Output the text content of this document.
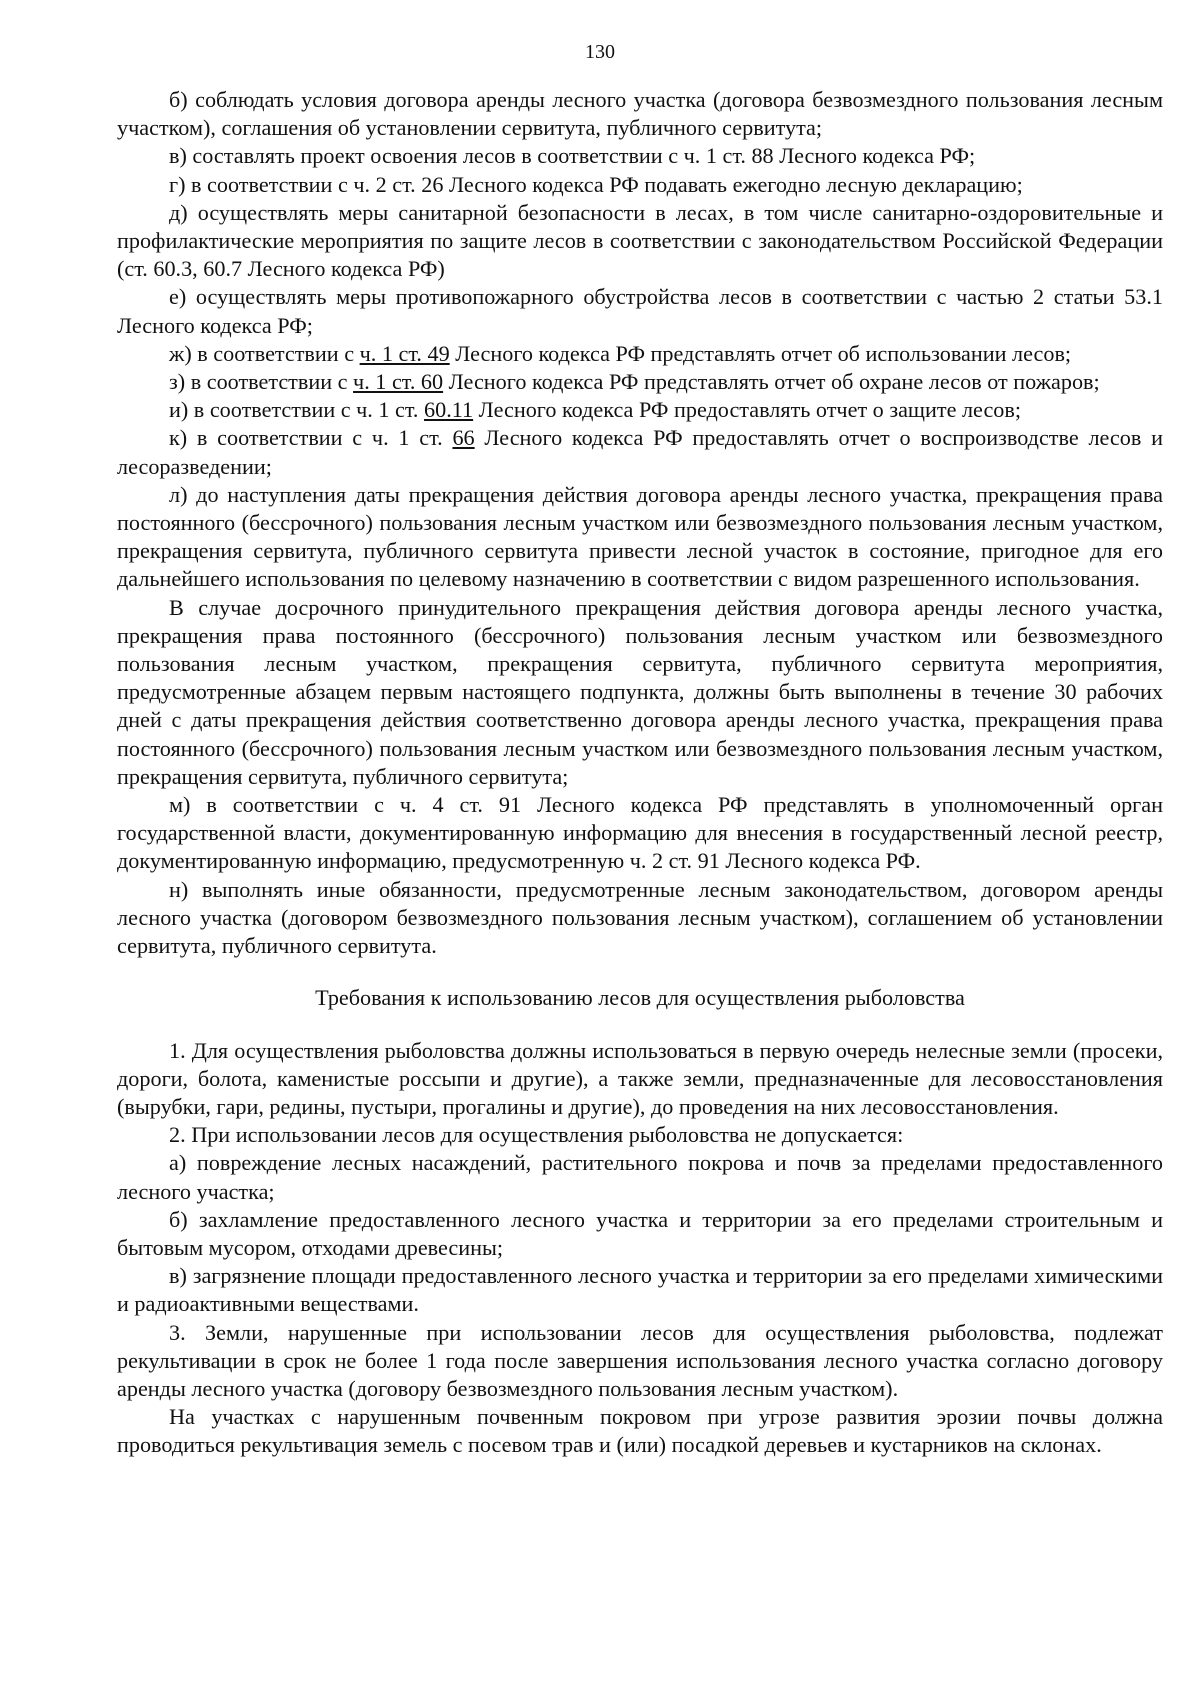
130

б) соблюдать условия договора аренды лесного участка (договора безвозмездного пользования лесным участком), соглашения об установлении сервитута, публичного сервитута;

в) составлять проект освоения лесов в соответствии с ч. 1 ст. 88 Лесного кодекса РФ;

г) в соответствии с ч. 2 ст. 26 Лесного кодекса РФ подавать ежегодно лесную декларацию;

д) осуществлять меры санитарной безопасности в лесах, в том числе санитарно-оздоровительные и профилактические мероприятия по защите лесов в соответствии с законодательством Российской Федерации (ст. 60.3, 60.7 Лесного кодекса РФ)

е) осуществлять меры противопожарного обустройства лесов в соответствии с частью 2 статьи 53.1 Лесного кодекса РФ;

ж) в соответствии с ч. 1 ст. 49 Лесного кодекса РФ представлять отчет об использовании лесов;

з) в соответствии с ч. 1 ст. 60 Лесного кодекса РФ представлять отчет об охране лесов от пожаров;

и) в соответствии с ч. 1 ст. 60.11 Лесного кодекса РФ предоставлять отчет о защите лесов;

к) в соответствии с ч. 1 ст. 66 Лесного кодекса РФ предоставлять отчет о воспроизводстве лесов и лесоразведении;

л) до наступления даты прекращения действия договора аренды лесного участка, прекращения права постоянного (бессрочного) пользования лесным участком или безвозмездного пользования лесным участком, прекращения сервитута, публичного сервитута привести лесной участок в состояние, пригодное для его дальнейшего использования по целевому назначению в соответствии с видом разрешенного использования.

В случае досрочного принудительного прекращения действия договора аренды лесного участка, прекращения права постоянного (бессрочного) пользования лесным участком или безвозмездного пользования лесным участком, прекращения сервитута, публичного сервитута мероприятия, предусмотренные абзацем первым настоящего подпункта, должны быть выполнены в течение 30 рабочих дней с даты прекращения действия соответственно договора аренды лесного участка, прекращения права постоянного (бессрочного) пользования лесным участком или безвозмездного пользования лесным участком, прекращения сервитута, публичного сервитута;

м) в соответствии с ч. 4 ст. 91 Лесного кодекса РФ представлять в уполномоченный орган государственной власти, документированную информацию для внесения в государственный лесной реестр, документированную информацию, предусмотренную ч. 2 ст. 91 Лесного кодекса РФ.

н) выполнять иные обязанности, предусмотренные лесным законодательством, договором аренды лесного участка (договором безвозмездного пользования лесным участком), соглашением об установлении сервитута, публичного сервитута.

Требования к использованию лесов для осуществления рыболовства

1. Для осуществления рыболовства должны использоваться в первую очередь нелесные земли (просеки, дороги, болота, каменистые россыпи и другие), а также земли, предназначенные для лесовосстановления (вырубки, гари, редины, пустыри, прогалины и другие), до проведения на них лесовосстановления.

2. При использовании лесов для осуществления рыболовства не допускается:

а) повреждение лесных насаждений, растительного покрова и почв за пределами предоставленного лесного участка;

б) захламление предоставленного лесного участка и территории за его пределами строительным и бытовым мусором, отходами древесины;

в) загрязнение площади предоставленного лесного участка и территории за его пределами химическими и радиоактивными веществами.

3. Земли, нарушенные при использовании лесов для осуществления рыболовства, подлежат рекультивации в срок не более 1 года после завершения использования лесного участка согласно договору аренды лесного участка (договору безвозмездного пользования лесным участком).

На участках с нарушенным почвенным покровом при угрозе развития эрозии почвы должна проводиться рекультивация земель с посевом трав и (или) посадкой деревьев и кустарников на склонах.
